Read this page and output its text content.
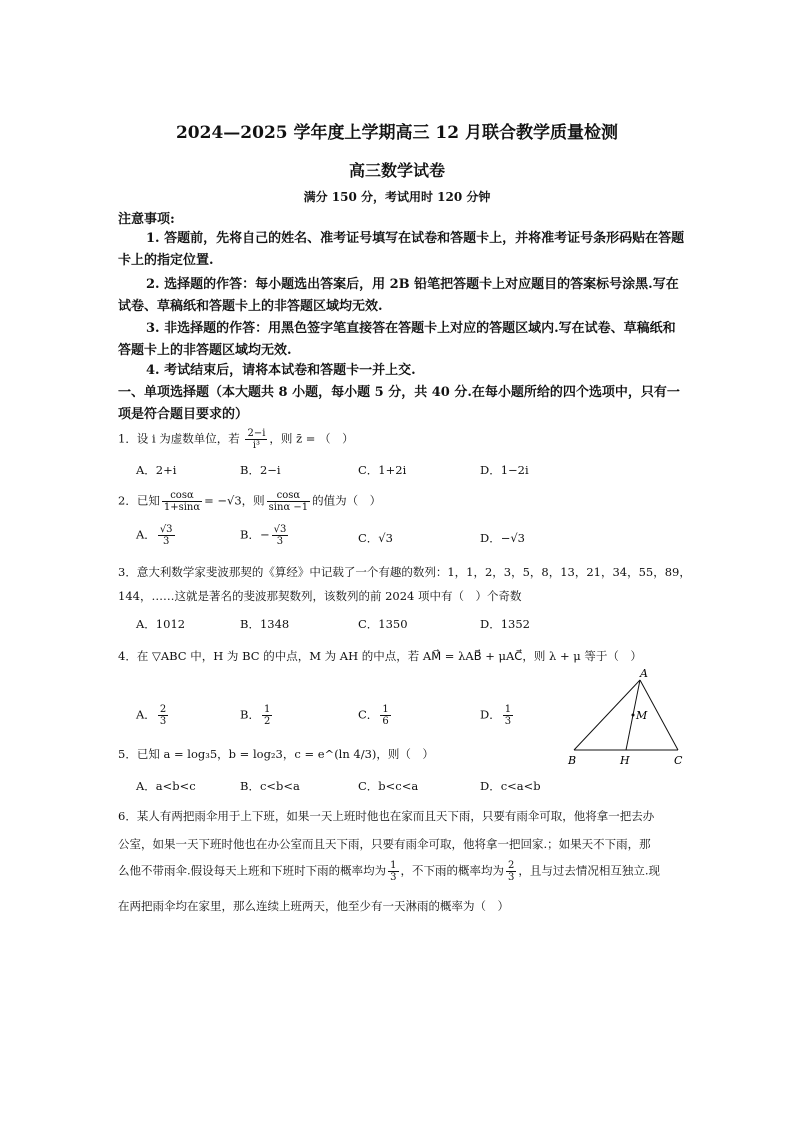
2024—2025 学年度上学期高三 12 月联合教学质量检测
高三数学试卷
满分 150 分，考试用时 120 分钟
注意事项:
1. 答题前，先将自己的姓名、准考证号填写在试卷和答题卡上，并将准考证号条形码贴在答题卡上的指定位置.
2. 选择题的作答：每小题选出答案后，用 2B 铅笔把答题卡上对应题目的答案标号涂黑.写在试卷、草稿纸和答题卡上的非答题区域均无效.
3. 非选择题的作答：用黑色签字笔直接答在答题卡上对应的答题区域内.写在试卷、草稿纸和答题卡上的非答题区域均无效.
4. 考试结束后，请将本试卷和答题卡一并上交.
一、单项选择题（本大题共 8 小题，每小题 5 分，共 40 分.在每小题所给的四个选项中，只有一项是符合题目要求的）
1．设 i 为虚数单位，若 $\frac{2-i}{\text{i³}}$ ，则 z̄ = （　）
A．2+i	B．2−i	C．1+2i	D．1−2i
2．已知 $\frac{\cos\alpha}{1+\sin\alpha} = -√3$，则 $\frac{\cos\alpha}{\sin\alpha -1}$ 的值为（　）
A． $\frac{√3}{3}$	B．− $\frac{√3}{3}$	C．√3	D．−√3
3．意大利数学家斐波那契的《算经》中记载了一个有趣的数列：1，1，2，3，5，8，13，21，34，55，89，
144，……这就是著名的斐波那契数列，该数列的前 2024 项中有（　）个奇数
A．1012	B．1348	C．1350	D．1352
4．在 ▽ABC 中，H 为 BC 的中点，M 为 AH 的中点，若 AM⃗ = λAB⃗ + μAC⃗，则 λ + μ 等于（　）
A． $\frac{2}{3}$	B． $\frac{1}{2}$	C． $\frac{1}{6}$	D． $\frac{1}{3}$
A
M
B	H	C
5．已知 a = log₃5，b = log₂3，c = e^(ln 4/3)，则（　）
A．a<b<c	B．c<b<a	C．b<c<a	D．c<a<b
6．某人有两把雨伞用于上下班，如果一天上班时他也在家而且天下雨，只要有雨伞可取，他将拿一把去办
公室，如果一天下班时他也在办公室而且天下雨，只要有雨伞可取，他将拿一把回家.；如果天不下雨，那
么他不带雨伞.假设每天上班和下班时下雨的概率均为 $\frac{1}{3}$ ，不下雨的概率均为 $\frac{2}{3}$ ，且与过去情况相互独立.现
在两把雨伞均在家里，那么连续上班两天，他至少有一天淋雨的概率为（　）
